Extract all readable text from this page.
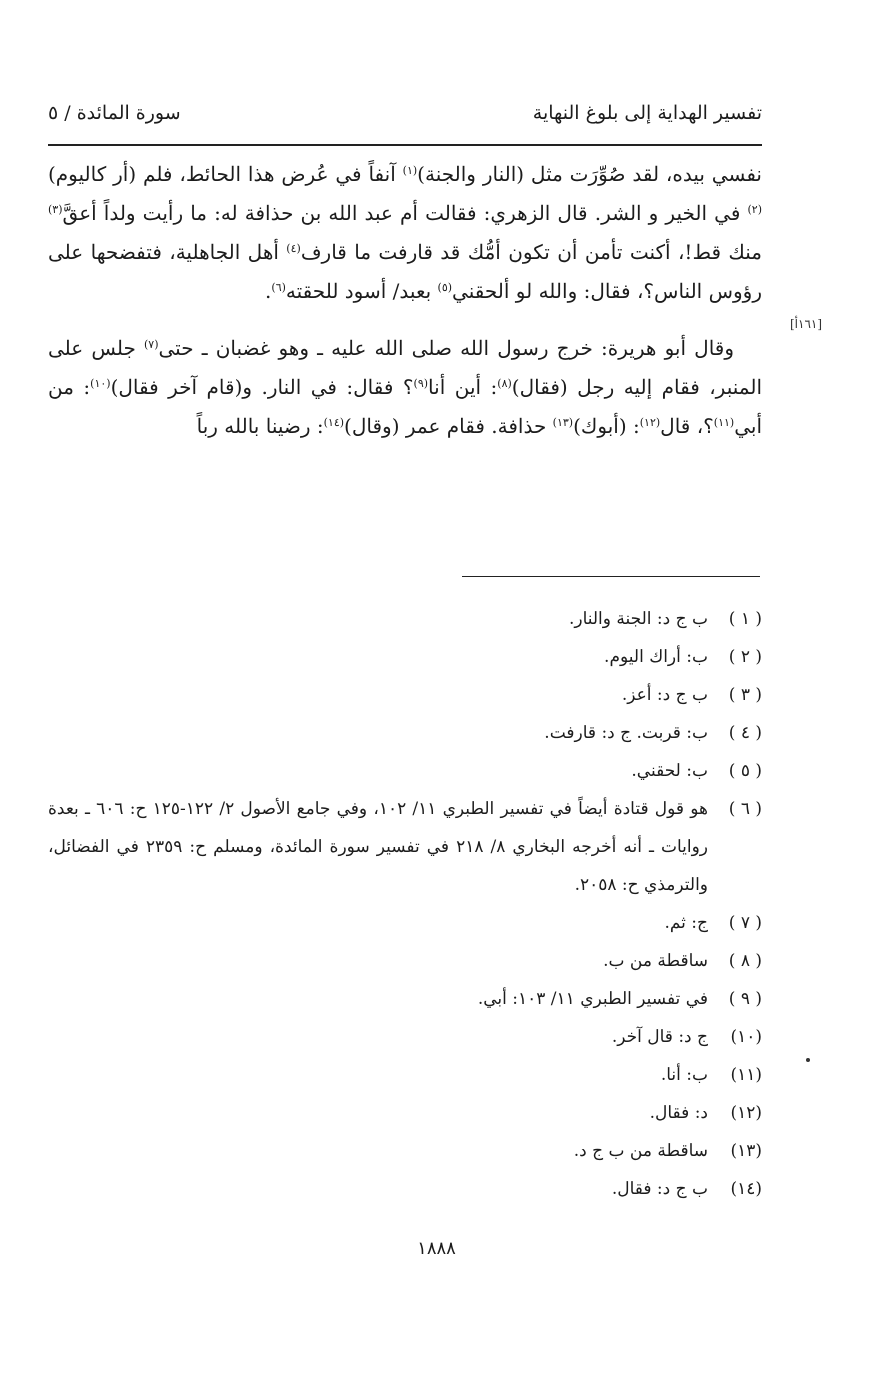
تفسير الهداية إلى بلوغ النهاية
سورة المائدة / ٥

نفسي بيده، لقد صُوِّرَت مثل (النار والجنة)$^{(١)}$ آنفاً في عُرض هذا الحائط، فلم (أر كاليوم) $^{(٢)}$ في الخير و الشر. قال الزهري: فقالت أم عبد الله بن حذافة له: ما رأيت ولداً أعقَّ$^{(٣)}$ منك قط!، أكنت تأمن أن تكون أمُّك قد قارفت ما قارف$^{(٤)}$ أهل الجاهلية، فتفضحها على رؤوس الناس؟، فقال: والله لو ألحقني$^{(٥)}$ بعبد/ أسود للحقته$^{(٦)}$.

وقال أبو هريرة: خرج رسول الله صلى الله عليه ـ وهو غضبان ـ حتى$^{(٧)}$ جلس على المنبر، فقام إليه رجل (فقال)$^{(٨)}$: أين أنا$^{(٩)}$؟ فقال: في النار. و(قام آخر فقال)$^{(١٠)}$: من أبي$^{(١١)}$؟، قال$^{(١٢)}$: (أبوك)$^{(١٣)}$ حذافة. فقام عمر (وقال)$^{(١٤)}$: رضينا بالله رباً

[١٦١أ]
( ١ )
ب ج د: الجنة والنار.
( ٢ )
ب: أراك اليوم.
( ٣ )
ب ج د: أعز.
( ٤ )
ب: قربت. ج د: قارفت.
( ٥ )
ب: لحقني.
( ٦ )
هو قول قتادة أيضاً في تفسير الطبري ١١/ ١٠٢، وفي جامع الأصول ٢/ ١٢٢-١٢٥ ح: ٦٠٦ ـ بعدة روايات ـ أنه أخرجه البخاري ٨/ ٢١٨ في تفسير سورة المائدة، ومسلم ح: ٢٣٥٩ في الفضائل، والترمذي ح: ٢٠٥٨.
( ٧ )
ج: ثم.
( ٨ )
ساقطة من ب.
( ٩ )
في تفسير الطبري ١١/ ١٠٣: أبي.
(١٠)
ج د: قال آخر.
(١١)
ب: أنا.
(١٢)
د: فقال.
(١٣)
ساقطة من ب ج د.
(١٤)
ب ج د: فقال.
١٨٨٨
